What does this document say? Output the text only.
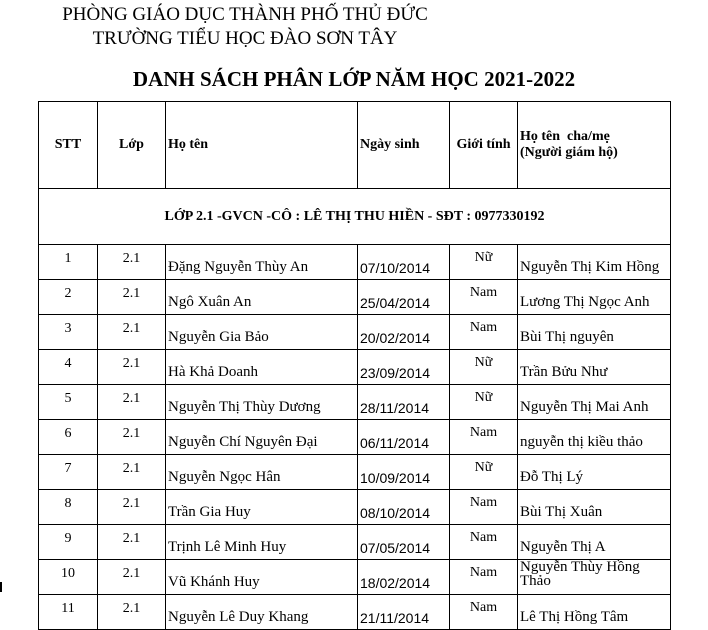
PHÒNG GIÁO DỤC THÀNH PHỐ THỦ ĐỨC
TRƯỜNG TIỂU HỌC ĐÀO SƠN TÂY
DANH SÁCH PHÂN LỚP NĂM HỌC 2021-2022
STT	Lớp	Họ tên	Ngày sinh	Giới tính	Họ tên  cha/mẹ
(Người giám hộ)

LỚP 2.1 -GVCN -CÔ : LÊ THỊ THU HIỀN - SĐT : 0977330192					
1	2.1	Đặng Nguyễn Thùy An	07/10/2014	Nữ	Nguyễn Thị Kim Hồng
2	2.1	Ngô Xuân An	25/04/2014	Nam	Lương Thị Ngọc Anh
3	2.1	Nguyễn Gia Bảo	20/02/2014	Nam	Bùi Thị nguyên
4	2.1	Hà Khả Doanh	23/09/2014	Nữ	Trần Bửu Như
5	2.1	Nguyễn Thị Thùy Dương	28/11/2014	Nữ	Nguyễn Thị Mai Anh
6	2.1	Nguyễn Chí Nguyên Đại	06/11/2014	Nam	nguyễn thị kiều thảo
7	2.1	Nguyễn Ngọc Hân	10/09/2014	Nữ	Đỗ Thị Lý
8	2.1	Trần Gia Huy	08/10/2014	Nam	Bùi Thị Xuân
9	2.1	Trịnh Lê Minh Huy	07/05/2014	Nam	Nguyễn Thị A
10	2.1	Vũ Khánh Huy	18/02/2014	Nam	Nguyễn Thùy Hồng Thảo
11	2.1	Nguyễn Lê Duy Khang	21/11/2014	Nam	Lê Thị Hồng Tâm
